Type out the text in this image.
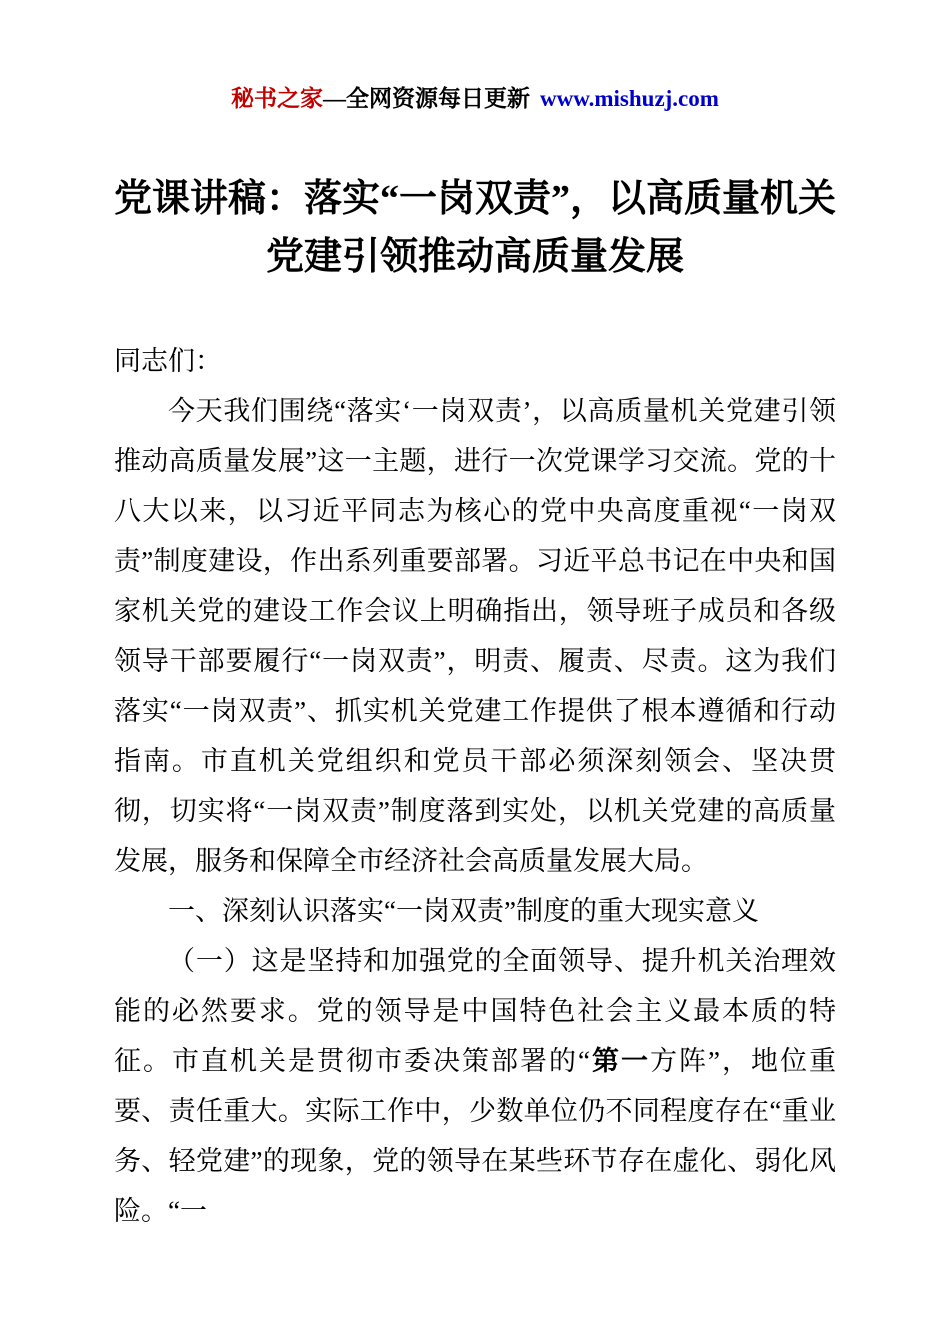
秘书之家—全网资源每日更新 www.mishuzj.com
党课讲稿：落实“一岗双责”，以高质量机关
党建引领推动高质量发展

同志们：

今天我们围绕“落实‘一岗双责’，以高质量机关党建引领推动高质量发展”这一主题，进行一次党课学习交流。党的十八大以来，以习近平同志为核心的党中央高度重视“一岗双责”制度建设，作出系列重要部署。习近平总书记在中央和国家机关党的建设工作会议上明确指出，领导班子成员和各级领导干部要履行“一岗双责”，明责、履责、尽责。这为我们落实“一岗双责”、抓实机关党建工作提供了根本遵循和行动指南。市直机关党组织和党员干部必须深刻领会、坚决贯彻，切实将“一岗双责”制度落到实处，以机关党建的高质量发展，服务和保障全市经济社会高质量发展大局。

一、深刻认识落实“一岗双责”制度的重大现实意义

（一）这是坚持和加强党的全面领导、提升机关治理效能的必然要求。党的领导是中国特色社会主义最本质的特征。市直机关是贯彻市委决策部署的“第一方阵”，地位重要、责任重大。实际工作中，少数单位仍不同程度存在“重业务、轻党建”的现象，党的领导在某些环节存在虚化、弱化风险。“一
